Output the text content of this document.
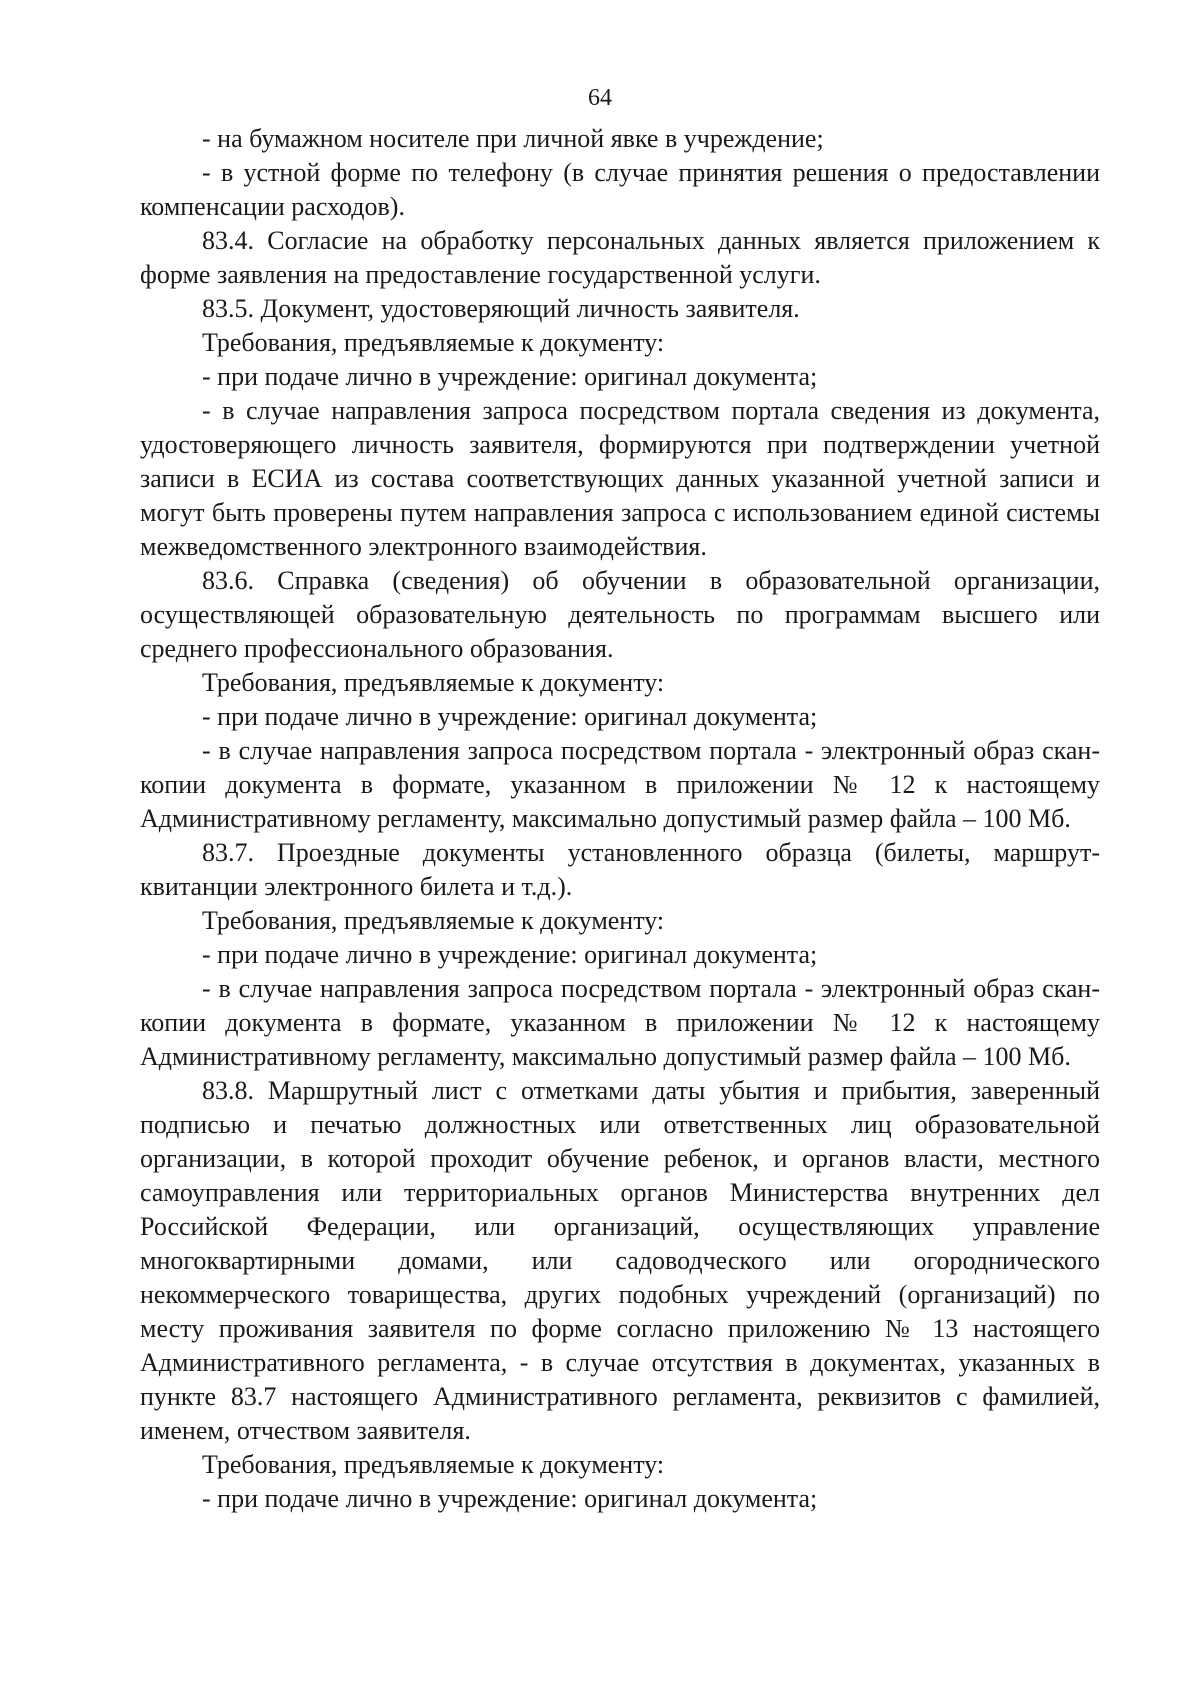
64

- на бумажном носителе при личной явке в учреждение;

- в устной форме по телефону (в случае принятия решения о предоставлении компенсации расходов).

83.4. Согласие на обработку персональных данных является приложением к форме заявления на предоставление государственной услуги.

83.5. Документ, удостоверяющий личность заявителя.

Требования, предъявляемые к документу:

- при подаче лично в учреждение: оригинал документа;

- в случае направления запроса посредством портала сведения из документа, удостоверяющего личность заявителя, формируются при подтверждении учетной записи в ЕСИА из состава соответствующих данных указанной учетной записи и могут быть проверены путем направления запроса с использованием единой системы межведомственного электронного взаимодействия.

83.6. Справка (сведения) об обучении в образовательной организации, осуществляющей образовательную деятельность по программам высшего или среднего профессионального образования.

Требования, предъявляемые к документу:

- при подаче лично в учреждение: оригинал документа;

- в случае направления запроса посредством портала - электронный образ скан-копии документа в формате, указанном в приложении № 12 к настоящему Административному регламенту, максимально допустимый размер файла – 100 Мб.

83.7. Проездные документы установленного образца (билеты, маршрут-квитанции электронного билета и т.д.).

Требования, предъявляемые к документу:

- при подаче лично в учреждение: оригинал документа;

- в случае направления запроса посредством портала - электронный образ скан-копии документа в формате, указанном в приложении № 12 к настоящему Административному регламенту, максимально допустимый размер файла – 100 Мб.

83.8. Маршрутный лист с отметками даты убытия и прибытия, заверенный подписью и печатью должностных или ответственных лиц образовательной организации, в которой проходит обучение ребенок, и органов власти, местного самоуправления или территориальных органов Министерства внутренних дел Российской Федерации, или организаций, осуществляющих управление многоквартирными домами, или садоводческого или огороднического некоммерческого товарищества, других подобных учреждений (организаций) по месту проживания заявителя по форме согласно приложению № 13 настоящего Административного регламента, - в случае отсутствия в документах, указанных в пункте 83.7 настоящего Административного регламента, реквизитов с фамилией, именем, отчеством заявителя.

Требования, предъявляемые к документу:

- при подаче лично в учреждение: оригинал документа;
